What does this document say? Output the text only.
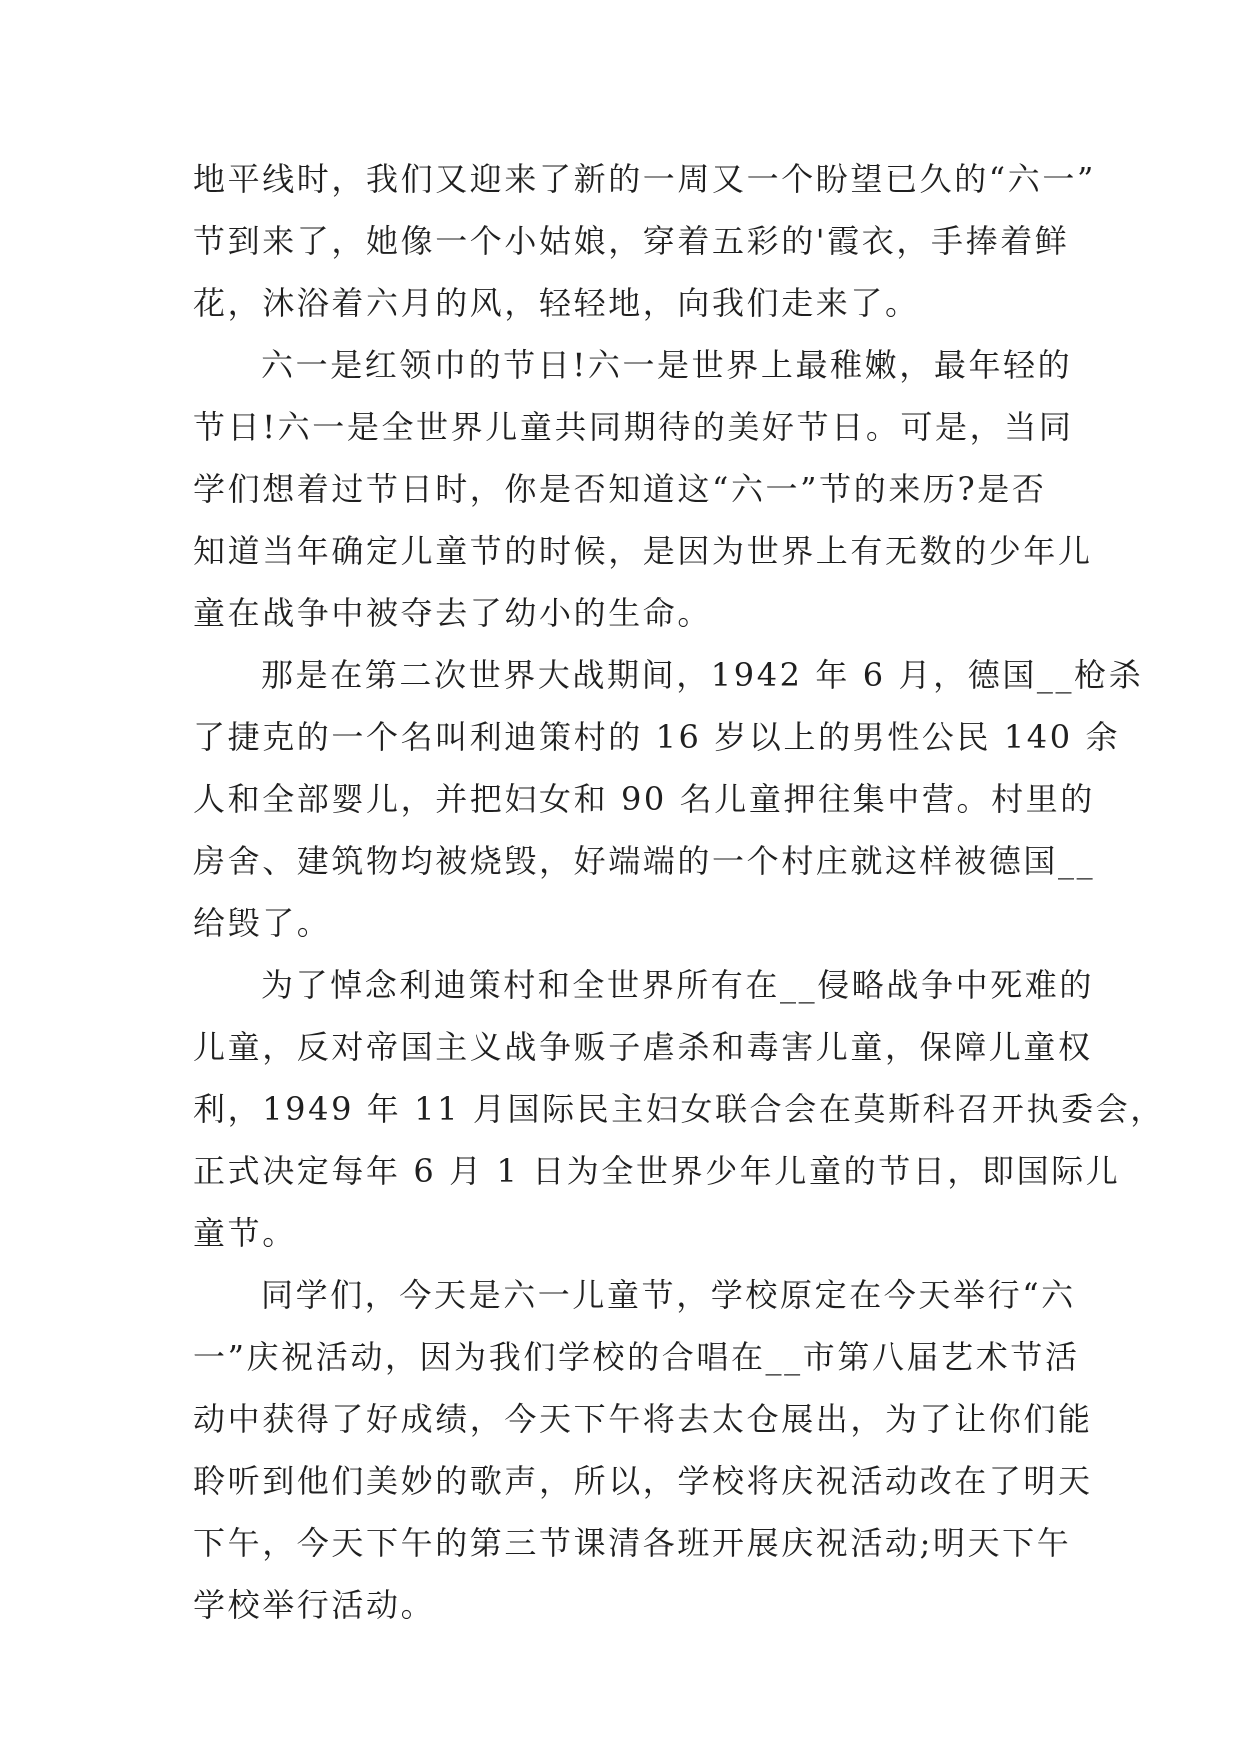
地平线时，我们又迎来了新的一周又一个盼望已久的“六一”
节到来了，她像一个小姑娘，穿着五彩的'霞衣，手捧着鲜
花，沐浴着六月的风，轻轻地，向我们走来了。
六一是红领巾的节日!六一是世界上最稚嫩，最年轻的
节日!六一是全世界儿童共同期待的美好节日。可是，当同
学们想着过节日时，你是否知道这“六一”节的来历?是否
知道当年确定儿童节的时候，是因为世界上有无数的少年儿
童在战争中被夺去了幼小的生命。
那是在第二次世界大战期间，1942 年 6 月，德国__枪杀
了捷克的一个名叫利迪策村的 16 岁以上的男性公民 140 余
人和全部婴儿，并把妇女和 90 名儿童押往集中营。村里的
房舍、建筑物均被烧毁，好端端的一个村庄就这样被德国__
给毁了。
为了悼念利迪策村和全世界所有在__侵略战争中死难的
儿童，反对帝国主义战争贩子虐杀和毒害儿童，保障儿童权
利，1949 年 11 月国际民主妇女联合会在莫斯科召开执委会，
正式决定每年 6 月 1 日为全世界少年儿童的节日，即国际儿
童节。
同学们，今天是六一儿童节，学校原定在今天举行“六
一”庆祝活动，因为我们学校的合唱在__市第八届艺术节活
动中获得了好成绩，今天下午将去太仓展出，为了让你们能
聆听到他们美妙的歌声，所以，学校将庆祝活动改在了明天
下午，今天下午的第三节课清各班开展庆祝活动;明天下午
学校举行活动。
